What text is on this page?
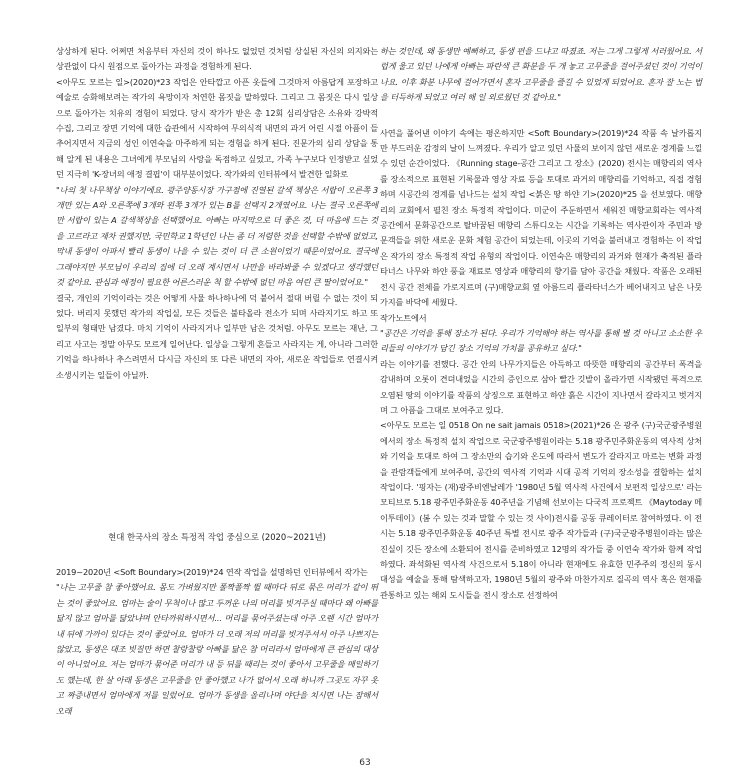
상상하게 된다. 어쩌면 처음부터 자신의 것이 하나도 없었던 것처럼 상실된 자신의 의지와는 상관없이 다시 원점으로 돌아가는 과정을 경험하게 된다.

<아무도 모르는 일>(2020)*23 작업은 안타깝고 아픈 옷들에 그것마저 아름답게 포장하고 예술로 승화해보려는 작가의 욕망이자 처연한 몸짓을 말하였다. 그리고 그 몸짓은 다시 일상으로 돌아가는 치유의 경험이 되었다. 당시 작가가 받은 총 12회 심리상담은 소유와 강박적 수집, 그리고 장면 기억에 대한 습관에서 시작하여 무의식적 내면의 과거 어린 시절 아픔이 들추어지면서 지금의 성인 이연숙을 마주하게 되는 경험을 하게 된다. 진문가의 심리 상담을 통해 알게 된 내용은 그녀에게 부모님의 사랑을 독점하고 싶었고, 가족 누구보다 인정받고 싶었던 지극히 'K-장녀의 애정 결핍'이 대부분이었다. 작가와의 인터뷰에서 발견한 일화로

"나의 첫 나무책상 이야기에요. 광주양동시장 가구점에 진열된 갈색 책상은 서랍이 오른쪽 3개만 있는 A와 오른쪽에 3개와 왼쪽 3개가 있는 B를 선택지 2개였어요. 나는 결국 오른쪽에만 서랍이 있는 A 갈색책상을 선택했어요. 아빠는 마지막으로 더 좋은 것, 더 마음에 드는 것을 고르라고 재차 권했지만, 국민학교 1학년인 나는 좀 더 저렴한 것을 선택할 수밖에 없었고, 막내 동생이 아파서 빨리 동생이 나을 수 있는 것이 더 큰 소원이었기 때문이었어요. 결국에 그래야지만 부모님이 우리의 집에 더 오래 계시면서 나만을 바라봐줄 수 있겠다고 생각했던 것 같아요. 관심과 애정이 필요한 어른스러운 척 할 수밖에 없던 마음 여린 큰 딸이었어요."

결국, 개인의 기억이라는 것은 어떻게 사물 하나하나에 덕 붙어서 절대 버릴 수 없는 것이 되었다. 버리지 못했던 작가의 작업실, 모든 것들은 불타올라 전소가 되며 사라지기도 하고 또 일부의 형태만 남겼다. 마치 기억이 사라지거나 일부만 남은 것처럼. 아무도 모르는 재난, 그리고 사고는 정말 아무도 모르게 일어난다. 일상을 그렇게 흔들고 사라지는 게, 아니라 그러한 기억을 하나하나 추스려면서 다시금 자신의 또 다른 내면의 자아, 새로운 작업들로 연결시켜 소생시키는 일들이 아닐까.

현대 한국사의 장소 특정적 작업 중심으로 (2020~2021년)

2019~2020년 <Soft Boundary>(2019)*24 연작 작업을 설명하던 인터뷰에서 작가는

"나는 고무줄 참 좋아했어요. 몸도 가벼웠지만 폴짝폴짝 뛸 때마다 뒤로 묶은 머리가 같이 뛰는 것이 좋았어요. 엄마는 술이 무척이나 많고 두꺼운 나의 머리를 빗겨주실 때마다 왜 아빠를 닮지 않고 엄마를 닮았냐며 안타까워하시면서... 머리를 묶어주셨는데 아주 오랜 시간 엄마가 내 뒤에 가까이 있다는 것이 좋았어요. 엄마가 더 오래 저의 머리를 빗겨주셔서 아주 나쁘지는 않았고, 동생은 대조 빗질만 하면 찰랑찰랑 아빠를 닮은 참 머리라서 엄마에게 큰 관심의 대상이 아니었어요. 저는 엄마가 묶어준 머리가 내 등 뒤를 때리는 것이 좋아서 고무줄을 매일하기도 했는데, 한 살 아래 동생은 고무줄을 안 좋아했고 나가 없어서 오래 하니까 그곳도 자꾸 옷고 짜증내면서 엄마에게 저를 일렀어요. 엄마가 동생을 올리나며 야단을 치시면 나는 잠해서 오래

하는 것인데, 왜 동생만 예뻐하고, 동생 편을 드냐고 따졌죠. 저는 그게 그렇게 서러웠어요. 서럽게 울고 있던 나에게 아빠는 파란색 큰 화분을 두 개 놓고 고무줄을 걸어주셨던 것이 기억이 나요. 이후 화분 나무에 걸어가면서 혼자 고무줄을 즐길 수 있었게 되었어요. 혼자 잘 노는 법을 터득하게 되었고 여러 해 일 외로웠던 것 같아요."

사연을 풀어낸 이야기 속에는 평온하지만 <Soft Boundary>(2019)*24 작품 속 날카롭지만 부드러운 감정의 날이 느껴졌다. 우리가 알고 있던 사물의 보이지 않던 새로운 경계를 느낄 수 있던 순간이었다. 《Running stage-공간 그리고 그 장소》(2020) 전시는 매향리의 역사를 장소적으로 표현된 기록물과 영상 자료 등을 토대로 과거의 매향리를 기억하고, 직접 경험하며 시공간의 경계를 넘나드는 설치 작업 <붉은 땅 하얀 기>(2020)*25 을 선보였다. 매향리의 교회에서 펼친 장소 특정적 작업이다. 미군이 주둔하면서 세워진 매향교회라는 역사적 공간에서 문화공간으로 탈바꿈된 매향리 스튜디오는 시간을 기록하는 역사관이자 주민과 방문객들을 위한 새로운 문화 체험 공간이 되었는데, 이곳의 기억을 불러내고 경험하는 이 작업은 작가의 장소 특정적 작업 유형의 작업이다. 이연숙은 매향리의 과거와 현재가 축적된 플라타너스 나무와 하얀 풍을 재료로 영상과 매향리의 향기를 담아 공간을 채웠다. 작품은 오래된 전시 공간 전체를 가로지르며 (구)매향교회 옆 아름드리 플라타너스가 베어내지고 남은 나뭇가지를 바닥에 세웠다.

작가노트에서

"공간은 기억을 통해 장소가 된다. 우리가 기억해야 하는 역사를 통해 별 것 아니고 소소한 우리들의 이야기가 담긴 장소 기억의 가치를 공유하고 싶다."

라는 이야기를 전했다. 공간 안의 나무가지들은 아득하고 따뜻한 매향리의 공간부터 폭격을 감내하며 오롯이 견뎌내었을 시간의 증인으로 삼아 빨간 깃발이 올라가면 시작됐던 폭격으로 오염된 땅의 이야기를 작품의 상징으로 표현하고 하얀 흙은 시간이 지나면서 갈라지고 벗겨지며 그 아픔을 그대로 보여주고 있다.

<아무도 모르는 일 0518 On ne sait jamais 0518>(2021)*26 은 광주 (구)국군광주병원에서의 장소 특정적 설치 작업으로 국군광주병원이라는 5.18 광주민주화운동의 역사적 상처와 기억을 토대로 하여 그 장소만의 습기와 온도에 따라서 변도가 갈라지고 마르는 변화 과정을 관람객들에게 보여주며, 공간의 역사적 기억과 시대 공적 기억의 장소성을 결합하는 설치 작업이다. '핑자는 (재)광주비엔날레가 '1980년 5월 역사적 사건에서 보편적 일상으로' 라는 모티브로 5.18 광주민주화운동 40주년을 기념해 선보이는 다국적 프로젝트 《Maytoday 메이투데이》(봄 수 있는 것과 말할 수 있는 것 사이)전시를 공동 큐레이터로 참여하였다. 이 전시는 5.18 광주민주화운동 40주년 특별 전시로 광주 작가들과 (구)국군광주병원이라는 많은 진실이 깃든 장소에 소환되어 전시를 준비하였고 12명의 작가들 중 이연숙 작가와 함께 작업하였다. 좌석화된 역사적 사건으로서 5.18이 아니라 현재에도 유효한 민주주의 정신의 동시대성을 예술을 통해 탐색하고자, 1980년 5월의 광주와 마찬가지로 질곡의 역사 혹은 현재를 관통하고 있는 해외 도시들을 전시 장소로 선정하여

63
